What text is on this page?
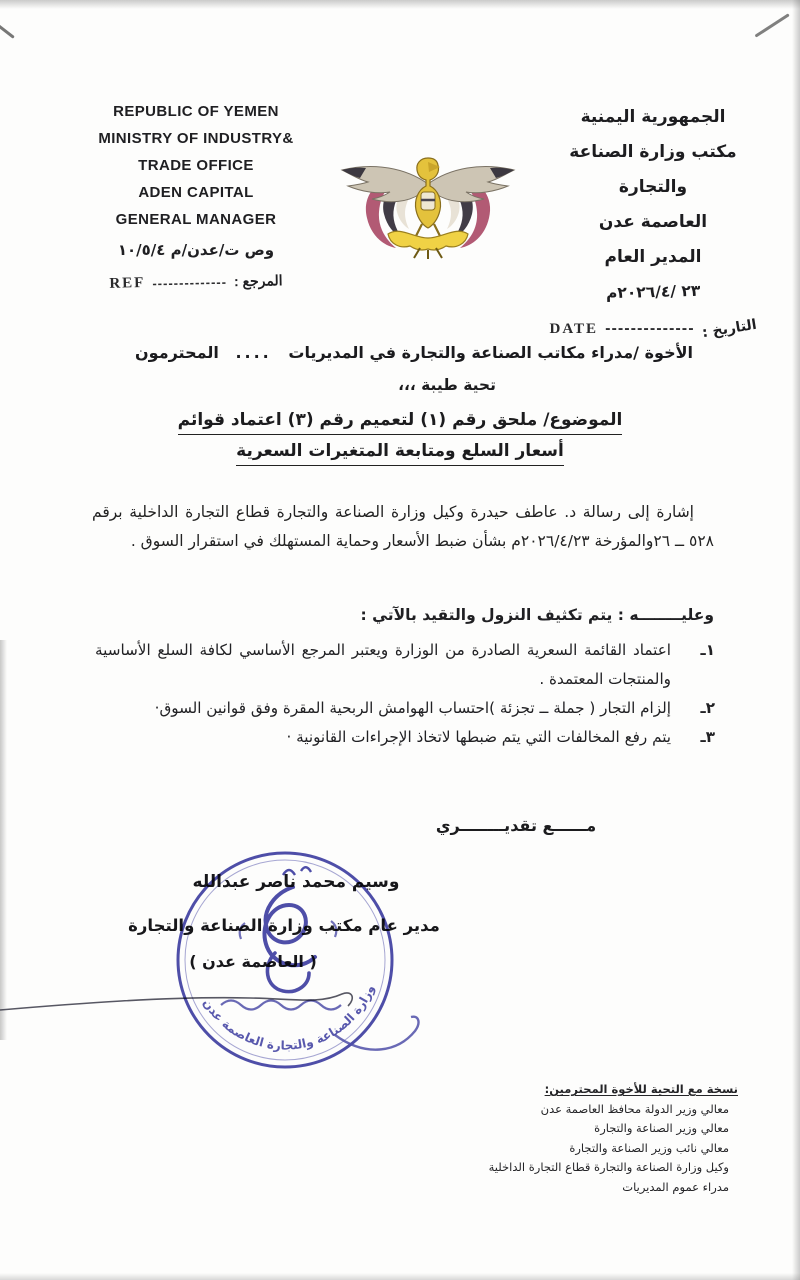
REPUBLIC OF YEMEN
MINISTRY OF INDUSTRY&
TRADE OFFICE
ADEN CAPITAL
GENERAL MANAGER
وص ت/عدن/م ١٠/٥/٤
المرجع :
--------------
REF
الجمهورية اليمنية
مكتب وزارة الصناعة والتجارة
العاصمة عدن
المدير العام
٢٣ /٢٠٢٦/٤م
التاريخ :
--------------
DATE
الأخوة /مدراء مكاتب الصناعة والتجارة في المديريات
....
المحترمون
تحية طيبة ،،،
الموضوع/ ملحق رقم (١) لتعميم رقم (٣) اعتماد قوائم
أسعار السلع ومتابعة المتغيرات السعرية
إشارة إلى رسالة د. عاطف حيدرة وكيل وزارة الصناعة والتجارة قطاع التجارة الداخلية برقم ٥٢٨ ــ ٢٦والمؤرخة ٢٠٢٦/٤/٢٣م بشأن ضبط الأسعار وحماية المستهلك في استقرار السوق .
وعليــــــــه : يتم تكثيف النزول والتقيد بالآتي :
١ـ
اعتماد القائمة السعرية الصادرة من الوزارة ويعتبر المرجع الأساسي لكافة السلع الأساسية والمنتجات المعتمدة .
٢ـ
إلزام التجار ( جملة ــ تجزئة )احتساب الهوامش الربحية المقرة وفق قوانين السوق·
٣ـ
يتم رفع المخالفات التي يتم ضبطها لاتخاذ الإجراءات القانونية ·
مــــــع تقديــــــــري
وسيم محمد ناصر عبدالله
مدير عام مكتب وزارة الصناعة والتجارة
( العاصمة عدن )
وزارة الصناعة والتجارة العاصمة عدن
نسخة مع التحية للأخوة المحترمين:
معالي وزير الدولة محافظ العاصمة عدن
معالي وزير الصناعة والتجارة
معالي نائب وزير الصناعة والتجارة
وكيل وزارة الصناعة والتجارة قطاع التجارة الداخلية
مدراء عموم المديريات
